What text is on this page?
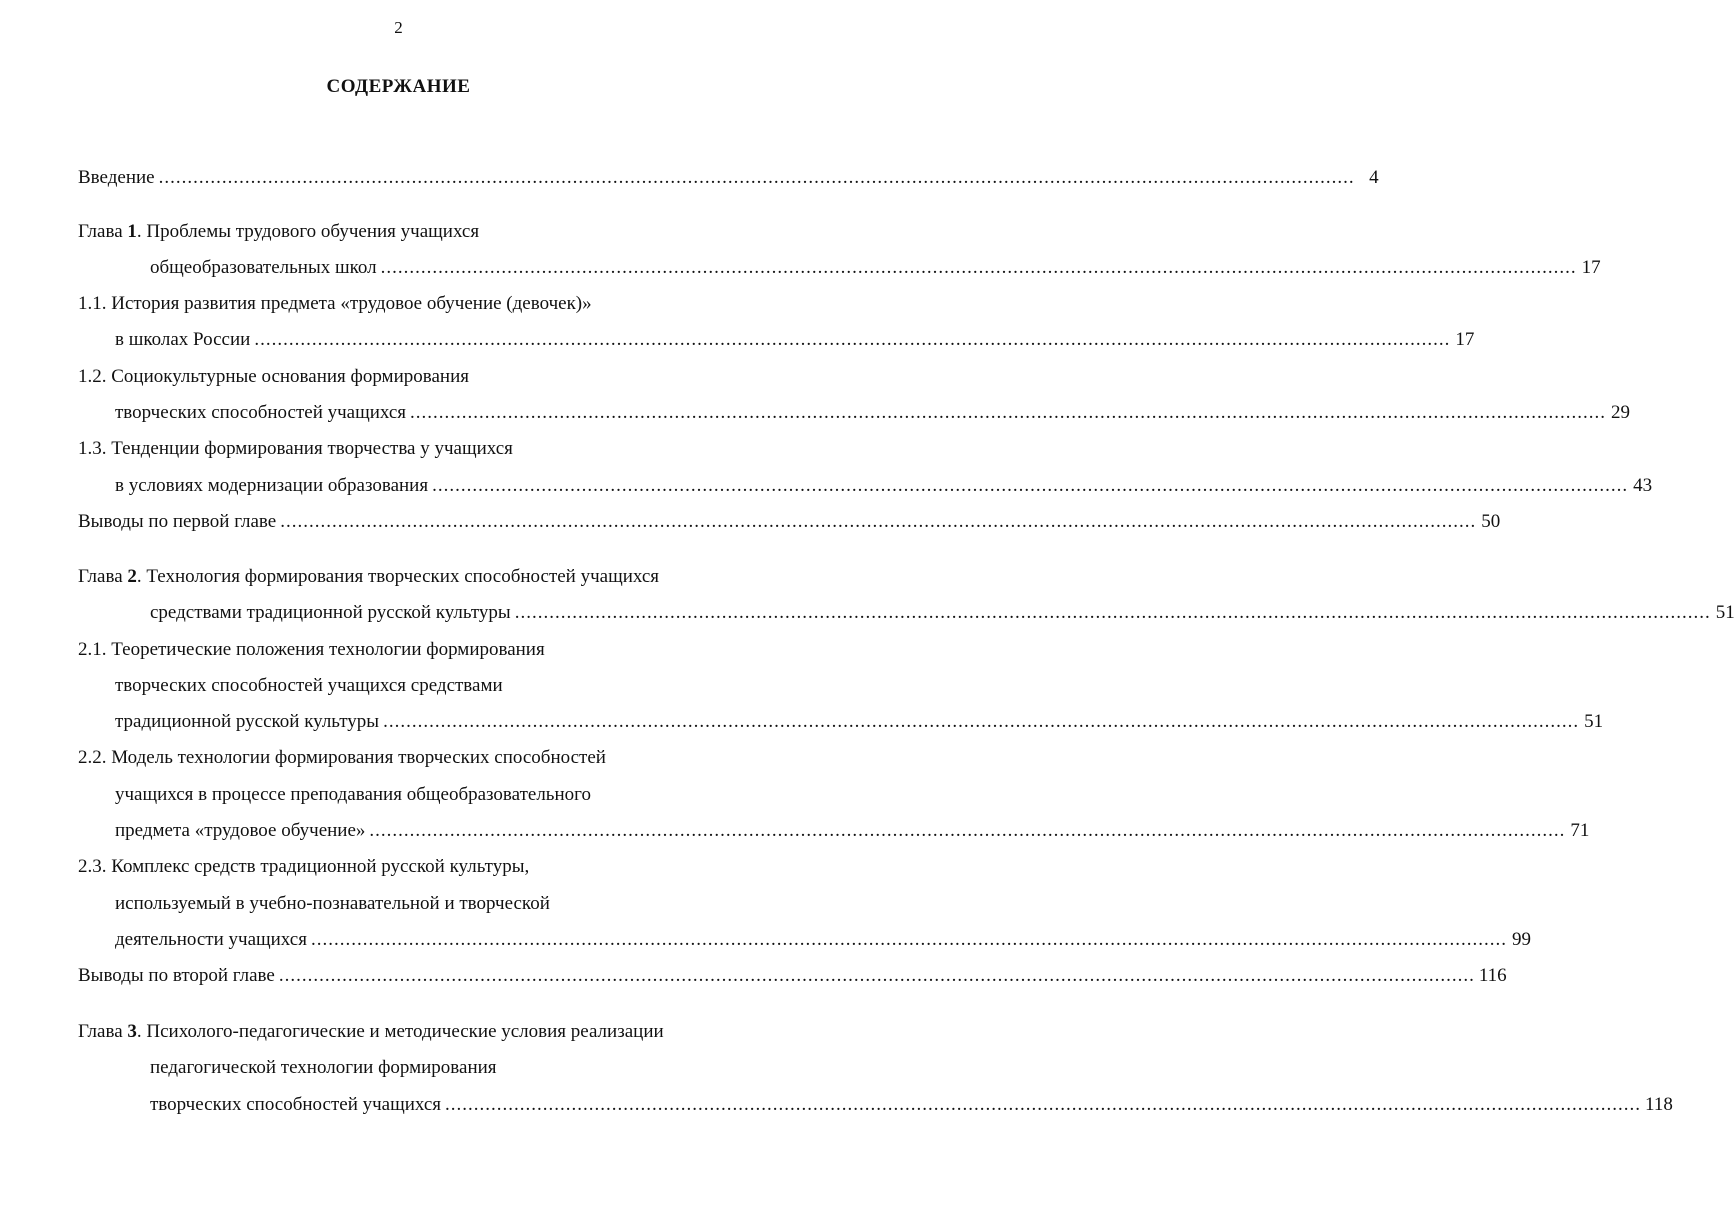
2
СОДЕРЖАНИЕ
Введение ................................................................................................................................................................................................................ 4
Глава 1. Проблемы трудового обучения учащихся
общеобразовательных школ ................................................................................................................................................................................................................ 17
1.1. История развития предмета «трудовое обучение (девочек)»
в школах России ................................................................................................................................................................................................................ 17
1.2. Социокультурные основания формирования
творческих способностей учащихся ................................................................................................................................................................................................................ 29
1.3. Тенденции формирования творчества у учащихся
в условиях модернизации образования ................................................................................................................................................................................................................ 43
Выводы по первой главе ................................................................................................................................................................................................................ 50
Глава 2. Технология формирования творческих способностей учащихся
средствами традиционной русской культуры ................................................................................................................................................................................................................ 51
2.1. Теоретические положения технологии формирования
творческих способностей учащихся средствами
традиционной русской культуры ................................................................................................................................................................................................................ 51
2.2. Модель технологии формирования творческих способностей
учащихся в процессе преподавания общеобразовательного
предмета «трудовое обучение» ................................................................................................................................................................................................................ 71
2.3. Комплекс средств традиционной русской культуры,
используемый в учебно-познавательной и творческой
деятельности учащихся ................................................................................................................................................................................................................ 99
Выводы по второй главе ................................................................................................................................................................................................................ 116
Глава 3. Психолого-педагогические и методические условия реализации
педагогической технологии формирования
творческих способностей учащихся ................................................................................................................................................................................................................ 118
